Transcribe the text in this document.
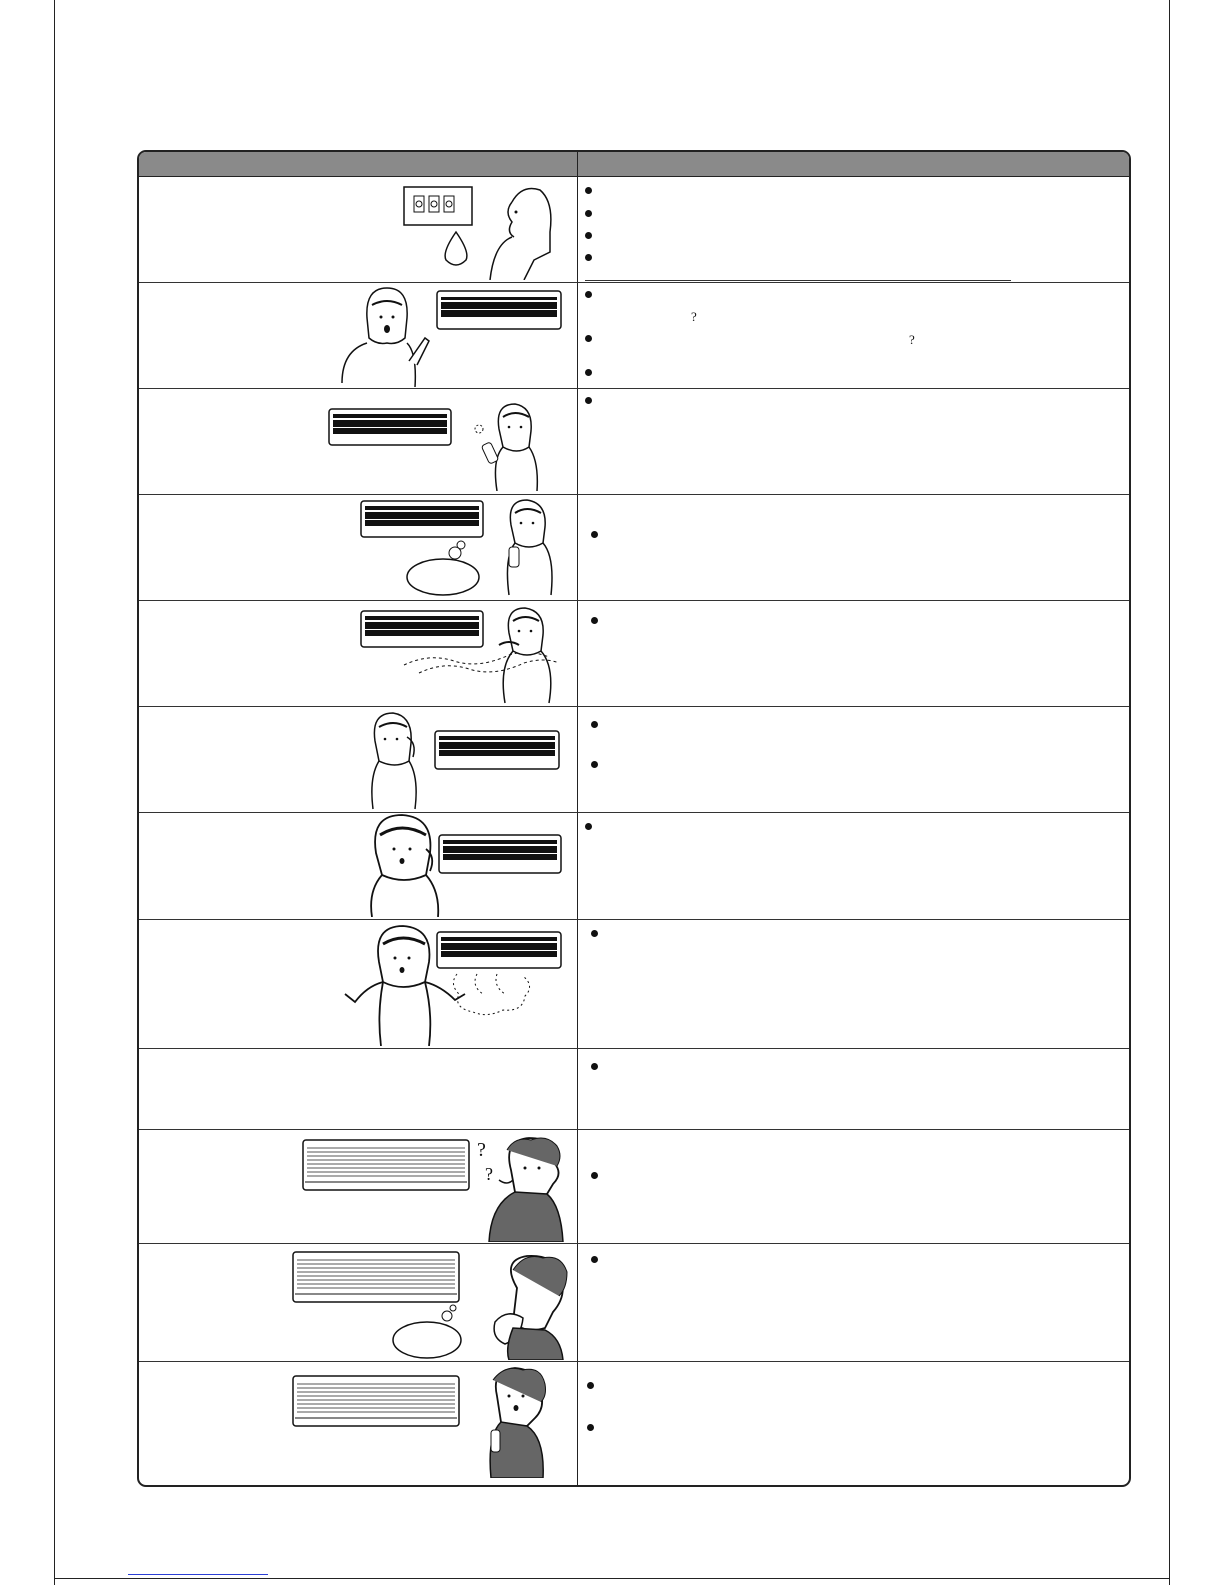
?
?
?
?
